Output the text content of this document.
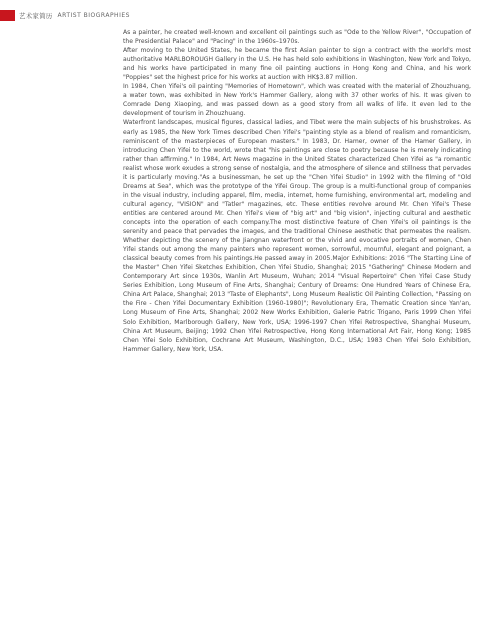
艺术家简历 ARTIST BIOGRAPHIES

As a painter, he created well-known and excellent oil paintings such as "Ode to the Yellow River", "Occupation of the Presidential Palace" and "Pacing" in the 1960s–1970s.

After moving to the United States, he became the first Asian painter to sign a contract with the world's most authoritative MARLBOROUGH Gallery in the U.S. He has held solo exhibitions in Washington, New York and Tokyo, and his works have participated in many fine oil painting auctions in Hong Kong and China, and his work "Poppies" set the highest price for his works at auction with HK$3.87 million.

In 1984, Chen Yifei's oil painting "Memories of Hometown", which was created with the material of Zhouzhuang, a water town, was exhibited in New York's Hammer Gallery, along with 37 other works of his. It was given to Comrade Deng Xiaoping, and was passed down as a good story from all walks of life. It even led to the development of tourism in Zhouzhuang.

Waterfront landscapes, musical figures, classical ladies, and Tibet were the main subjects of his brushstrokes. As early as 1985, the New York Times described Chen Yifei's "painting style as a blend of realism and romanticism, reminiscent of the masterpieces of European masters." In 1983, Dr. Hamer, owner of the Hamer Gallery, in introducing Chen Yifei to the world, wrote that "his paintings are close to poetry because he is merely indicating rather than affirming." In 1984, Art News magazine in the United States characterized Chen Yifei as "a romantic realist whose work exudes a strong sense of nostalgia, and the atmosphere of silence and stillness that pervades it is particularly moving."As a businessman, he set up the "Chen Yifei Studio" in 1992 with the filming of "Old Dreams at Sea", which was the prototype of the Yifei Group. The group is a multi-functional group of companies in the visual industry, including apparel, film, media, internet, home furnishing, environmental art, modeling and cultural agency, "VISION" and "Tatler" magazines, etc. These entities revolve around Mr. Chen Yifei's These entities are centered around Mr. Chen Yifei's view of "big art" and "big vision", injecting cultural and aesthetic concepts into the operation of each company.The most distinctive feature of Chen Yifei's oil paintings is the serenity and peace that pervades the images, and the traditional Chinese aesthetic that permeates the realism. Whether depicting the scenery of the Jiangnan waterfront or the vivid and evocative portraits of women, Chen Yifei stands out among the many painters who represent women, sorrowful, mournful, elegant and poignant, a classical beauty comes from his paintings.He passed away in 2005.Major Exhibitions: 2016 "The Starting Line of the Master" Chen Yifei Sketches Exhibition, Chen Yifei Studio, Shanghai; 2015 "Gathering" Chinese Modern and Contemporary Art since 1930s, Wanlin Art Museum, Wuhan; 2014 "Visual Repertoire" Chen Yifei Case Study Series Exhibition, Long Museum of Fine Arts, Shanghai; Century of Dreams: One Hundred Years of Chinese Era, China Art Palace, Shanghai; 2013 "Taste of Elephants", Long Museum Realistic Oil Painting Collection, "Passing on the Fire - Chen Yifei Documentary Exhibition (1960-1980)"; Revolutionary Era, Thematic Creation since Yan'an, Long Museum of Fine Arts, Shanghai; 2002 New Works Exhibition, Galerie Patric Trigano, Paris 1999 Chen Yifei Solo Exhibition, Marlborough Gallery, New York, USA; 1996-1997 Chen Yifei Retrospective, Shanghai Museum, China Art Museum, Beijing; 1992 Chen Yifei Retrospective, Hong Kong International Art Fair, Hong Kong; 1985 Chen Yifei Solo Exhibition, Cochrane Art Museum, Washington, D.C., USA; 1983 Chen Yifei Solo Exhibition, Hammer Gallery, New York, USA.
